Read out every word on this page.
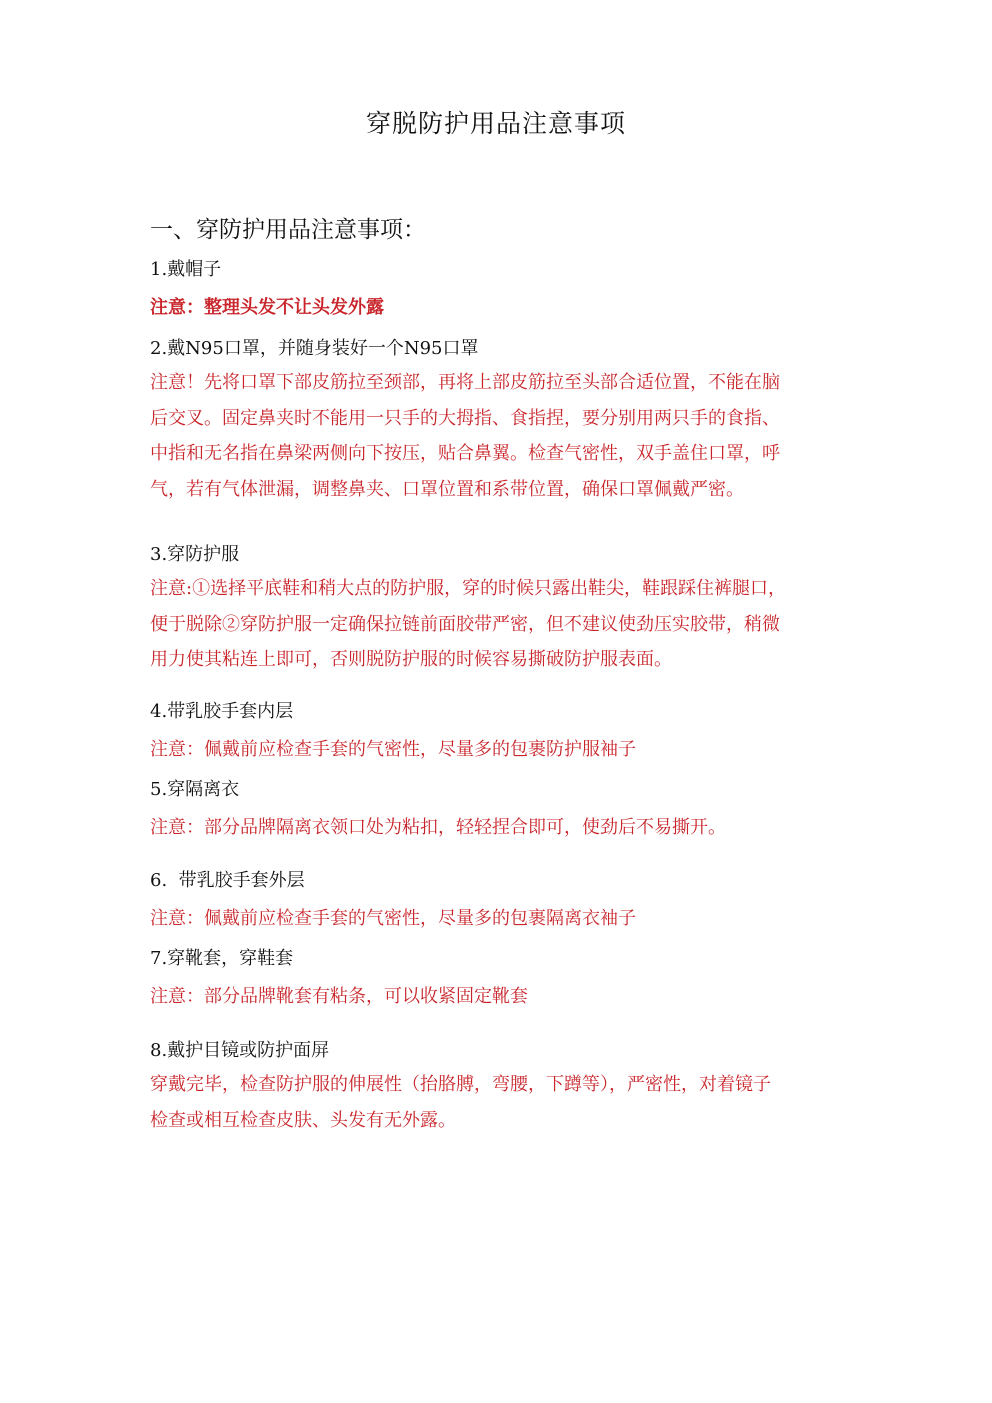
穿脱防护用品注意事项
一、穿防护用品注意事项：
1.戴帽子
注意：整理头发不让头发外露
2.戴N95口罩，并随身装好一个N95口罩
注意！先将口罩下部皮筋拉至颈部，再将上部皮筋拉至头部合适位置，不能在脑
后交叉。固定鼻夹时不能用一只手的大拇指、食指捏，要分别用两只手的食指、
中指和无名指在鼻梁两侧向下按压，贴合鼻翼。检查气密性，双手盖住口罩，呼
气，若有气体泄漏，调整鼻夹、口罩位置和系带位置，确保口罩佩戴严密。
3.穿防护服
注意:①选择平底鞋和稍大点的防护服，穿的时候只露出鞋尖，鞋跟踩住裤腿口，
便于脱除②穿防护服一定确保拉链前面胶带严密，但不建议使劲压实胶带，稍微
用力使其粘连上即可，否则脱防护服的时候容易撕破防护服表面。
4.带乳胶手套内层
注意：佩戴前应检查手套的气密性，尽量多的包裹防护服袖子
5.穿隔离衣
注意：部分品牌隔离衣领口处为粘扣，轻轻捏合即可，使劲后不易撕开。
6.  带乳胶手套外层
注意：佩戴前应检查手套的气密性，尽量多的包裹隔离衣袖子
7.穿靴套，穿鞋套
注意：部分品牌靴套有粘条，可以收紧固定靴套
8.戴护目镜或防护面屏
穿戴完毕，检查防护服的伸展性（抬胳膊，弯腰，下蹲等），严密性，对着镜子
检查或相互检查皮肤、头发有无外露。
